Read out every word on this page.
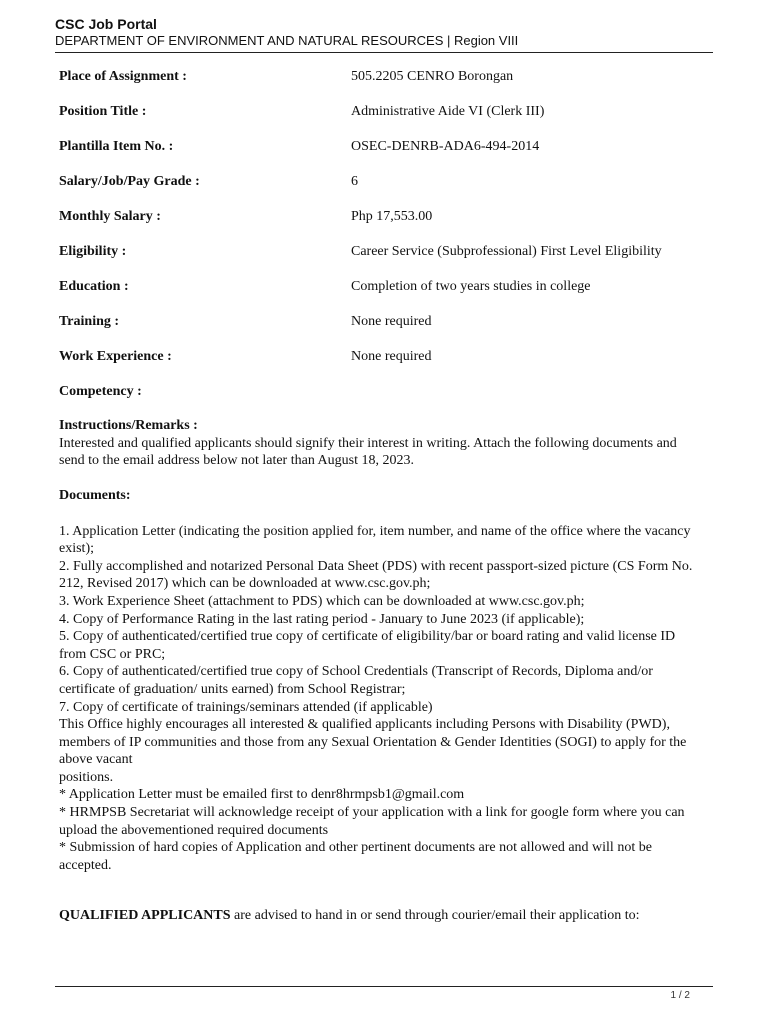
CSC Job Portal

DEPARTMENT OF ENVIRONMENT AND NATURAL RESOURCES | Region VIII

Place of Assignment :	505.2205 CENRO Borongan
Position Title :	Administrative Aide VI (Clerk III)
Plantilla Item No. :	OSEC-DENRB-ADA6-494-2014
Salary/Job/Pay Grade :	6
Monthly Salary :	Php 17,553.00
Eligibility :	Career Service (Subprofessional) First Level Eligibility
Education :	Completion of two years studies in college
Training :	None required
Work Experience :	None required
Competency :

Instructions/Remarks :

Interested and qualified applicants should signify their interest in writing. Attach the following documents and send to the email address below not later than August 18, 2023.

Documents:

1. Application Letter (indicating the position applied for, item number, and name of the office where the vacancy exist);

2. Fully accomplished and notarized Personal Data Sheet (PDS) with recent passport-sized picture (CS Form No. 212, Revised 2017) which can be downloaded at www.csc.gov.ph;

3. Work Experience Sheet (attachment to PDS) which can be downloaded at www.csc.gov.ph;

4. Copy of Performance Rating in the last rating period - January to June 2023 (if applicable);

5. Copy of authenticated/certified true copy of certificate of eligibility/bar or board rating and valid license ID from CSC or PRC;

6. Copy of authenticated/certified true copy of School Credentials (Transcript of Records, Diploma and/or certificate of graduation/ units earned) from School Registrar;

7. Copy of certificate of trainings/seminars attended (if applicable)

This Office highly encourages all interested & qualified applicants including Persons with Disability (PWD), members of IP communities and those from any Sexual Orientation & Gender Identities (SOGI) to apply for the above vacant

positions.

* Application Letter must be emailed first to denr8hrmpsb1@gmail.com

* HRMPSB Secretariat will acknowledge receipt of your application with a link for google form where you can upload the abovementioned required documents

* Submission of hard copies of Application and other pertinent documents are not allowed and will not be accepted.

QUALIFIED APPLICANTS are advised to hand in or send through courier/email their application to:
1 / 2
